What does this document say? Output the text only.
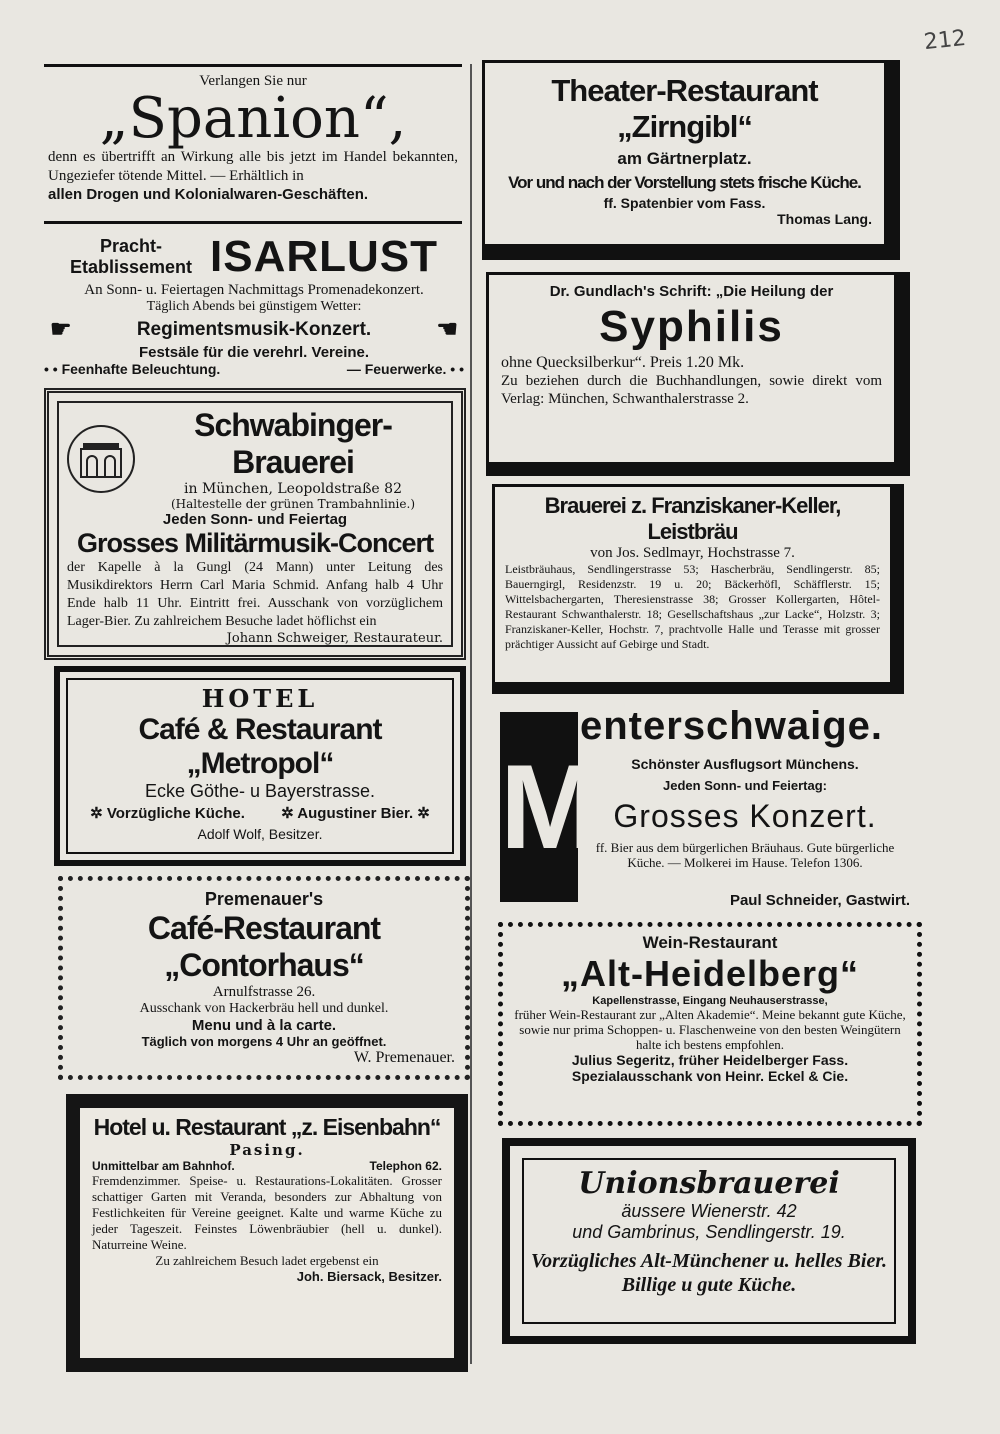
212
Verlangen Sie nur
„Spanion“,
denn es übertrifft an Wirkung alle bis jetzt im Handel bekannten, Ungeziefer tötende Mittel. — Erhältlich in
allen Drogen und Kolonialwaren-Geschäften.
Pracht-
Etablissement ISARLUST
An Sonn- u. Feiertagen Nachmittags Promenadekonzert.
Täglich Abends bei günstigem Wetter:
☛	Regimentsmusik-Konzert.	☚
Festsäle für die verehrl. Vereine.
• • Feenhafte Beleuchtung.	— Feuerwerke. • •
Schwabinger-Brauerei
in München, Leopoldstraße 82
(Haltestelle der grünen Trambahnlinie.)
Jeden Sonn- und Feiertag
Grosses Militärmusik-Concert
der Kapelle à la Gungl (24 Mann) unter Leitung des Musikdirektors Herrn Carl Maria Schmid. Anfang halb 4 Uhr Ende halb 11 Uhr. Eintritt frei. Ausschank von vorzüglichem Lager-Bier. Zu zahlreichem Besuche ladet höflichst ein
Johann Schweiger, Restaurateur.
HOTEL
Café & Restaurant „Metropol“
Ecke Göthe- u Bayerstrasse.
✲ Vorzügliche Küche. ✲ Augustiner Bier. ✲
Adolf Wolf, Besitzer.
Premenauer's
Café-Restaurant „Contorhaus“
Arnulfstrasse 26.
Ausschank von Hackerbräu hell und dunkel.
Menu und à la carte.
Täglich von morgens 4 Uhr an geöffnet.
W. Premenauer.
Hotel u. Restaurant „z. Eisenbahn“
Pasing.
Unmittelbar am Bahnhof.	Telephon 62.
Fremdenzimmer. Speise- u. Restaurations-Lokalitäten. Grosser schattiger Garten mit Veranda, besonders zur Abhaltung von Festlichkeiten für Vereine geeignet. Kalte und warme Küche zu jeder Tageszeit. Feinstes Löwenbräubier (hell u. dunkel). Naturreine Weine.
Zu zahlreichem Besuch ladet ergebenst ein
Joh. Biersack, Besitzer.
Theater-Restaurant „Zirngibl“
am Gärtnerplatz.
Vor und nach der Vorstellung stets frische Küche.
ff. Spatenbier vom Fass.
Thomas Lang.
Dr. Gundlach's Schrift: „Die Heilung der
Syphilis
ohne Quecksilberkur“. Preis 1.20 Mk.
Zu beziehen durch die Buchhandlungen, sowie direkt vom Verlag: München, Schwanthalerstrasse 2.
Brauerei z. Franziskaner-Keller, Leistbräu
von Jos. Sedlmayr, Hochstrasse 7.
Leistbräuhaus, Sendlingerstrasse 53; Hascherbräu, Sendlingerstr. 85; Bauerngirgl, Residenzstr. 19 u. 20; Bäckerhöfl, Schäfflerstr. 15; Wittelsbachergarten, Theresienstrasse 38; Grosser Kollergarten, Hôtel-Restaurant Schwanthalerstr. 18; Gesellschaftshaus „zur Lacke“, Holzstr. 3; Franziskaner-Keller, Hochstr. 7, prachtvolle Halle und Terasse mit grosser prächtiger Aussicht auf Gebirge und Stadt.
M
enterschwaige.
Schönster Ausflugsort Münchens.
Jeden Sonn- und Feiertag:
Grosses Konzert.
ff. Bier aus dem bürgerlichen Bräuhaus. Gute bürgerliche Küche. — Molkerei im Hause. Telefon 1306.
Paul Schneider, Gastwirt.
Wein-Restaurant
„Alt-Heidelberg“
Kapellenstrasse, Eingang Neuhauserstrasse,
früher Wein-Restaurant zur „Alten Akademie“. Meine bekannt gute Küche, sowie nur prima Schoppen- u. Flaschenweine von den besten Weingütern halte ich bestens empfohlen.
Julius Segeritz, früher Heidelberger Fass.
Spezialausschank von Heinr. Eckel & Cie.
Unionsbrauerei
äussere Wienerstr. 42
und Gambrinus, Sendlingerstr. 19.
Vorzügliches Alt-Münchener u. helles Bier. Billige u gute Küche.
